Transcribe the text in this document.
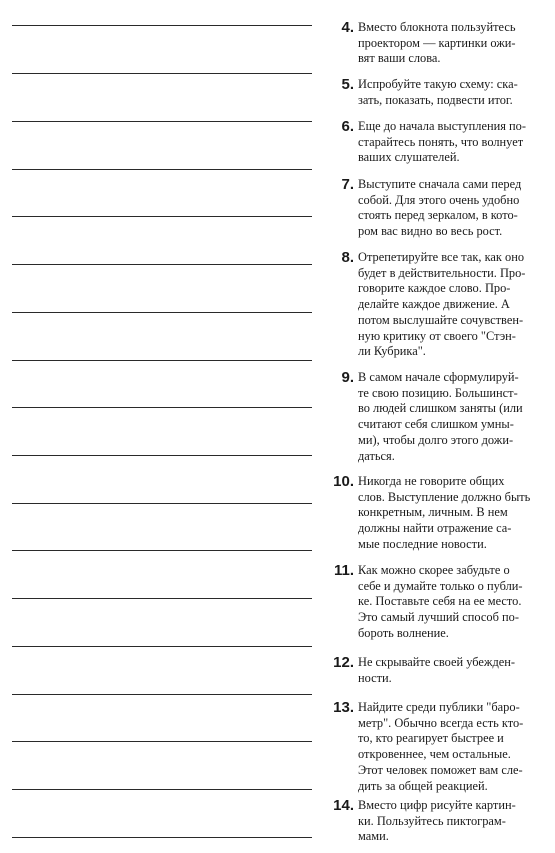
4. Вместо блокнота пользуйтесь
проектором — картинки ожи-
вят ваши слова.
5. Испробуйте такую схему: ска-
зать, показать, подвести итог.
6. Еще до начала выступления по-
старайтесь понять, что волнует
ваших слушателей.
7. Выступите сначала сами перед
собой. Для этого очень удобно
стоять перед зеркалом, в кото-
ром вас видно во весь рост.
8. Отрепетируйте все так, как оно
будет в действительности. Про-
говорите каждое слово. Про-
делайте каждое движение. А
потом выслушайте сочувствен-
ную критику от своего "Стэн-
ли Кубрика".
9. В самом начале сформулируй-
те свою позицию. Большинст-
во людей слишком заняты (или
считают себя слишком умны-
ми), чтобы долго этого дожи-
даться.
10. Никогда не говорите общих
слов. Выступление должно быть
конкретным, личным. В нем
должны найти отражение са-
мые последние новости.
11. Как можно скорее забудьте о
себе и думайте только о публи-
ке. Поставьте себя на ее место.
Это самый лучший способ по-
бороть волнение.
12. Не скрывайте своей убежден-
ности.
13. Найдите среди публики "баро-
метр". Обычно всегда есть кто-
то, кто реагирует быстрее и
откровеннее, чем остальные.
Этот человек поможет вам сле-
дить за общей реакцией.
14. Вместо цифр рисуйте картин-
ки. Пользуйтесь пиктограм-
мами.
